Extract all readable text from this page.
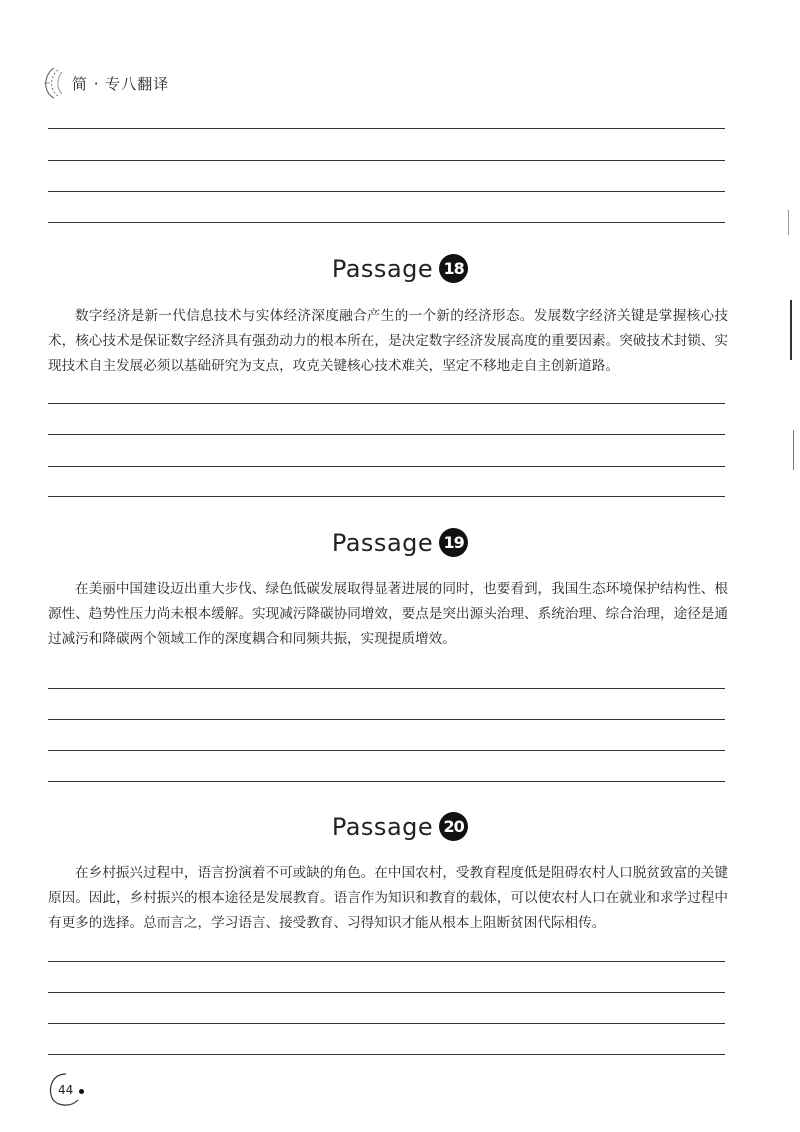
简 · 专八翻译
Passage 18

数字经济是新一代信息技术与实体经济深度融合产生的一个新的经济形态。发展数字经济关键是掌握核心技术，核心技术是保证数字经济具有强劲动力的根本所在，是决定数字经济发展高度的重要因素。突破技术封锁、实现技术自主发展必须以基础研究为支点，攻克关键核心技术难关，坚定不移地走自主创新道路。

Passage 19

在美丽中国建设迈出重大步伐、绿色低碳发展取得显著进展的同时，也要看到，我国生态环境保护结构性、根源性、趋势性压力尚未根本缓解。实现减污降碳协同增效，要点是突出源头治理、系统治理、综合治理，途径是通过减污和降碳两个领域工作的深度耦合和同频共振，实现提质增效。

Passage 20

在乡村振兴过程中，语言扮演着不可或缺的角色。在中国农村，受教育程度低是阻碍农村人口脱贫致富的关键原因。因此，乡村振兴的根本途径是发展教育。语言作为知识和教育的载体，可以使农村人口在就业和求学过程中有更多的选择。总而言之，学习语言、接受教育、习得知识才能从根本上阻断贫困代际相传。

44
